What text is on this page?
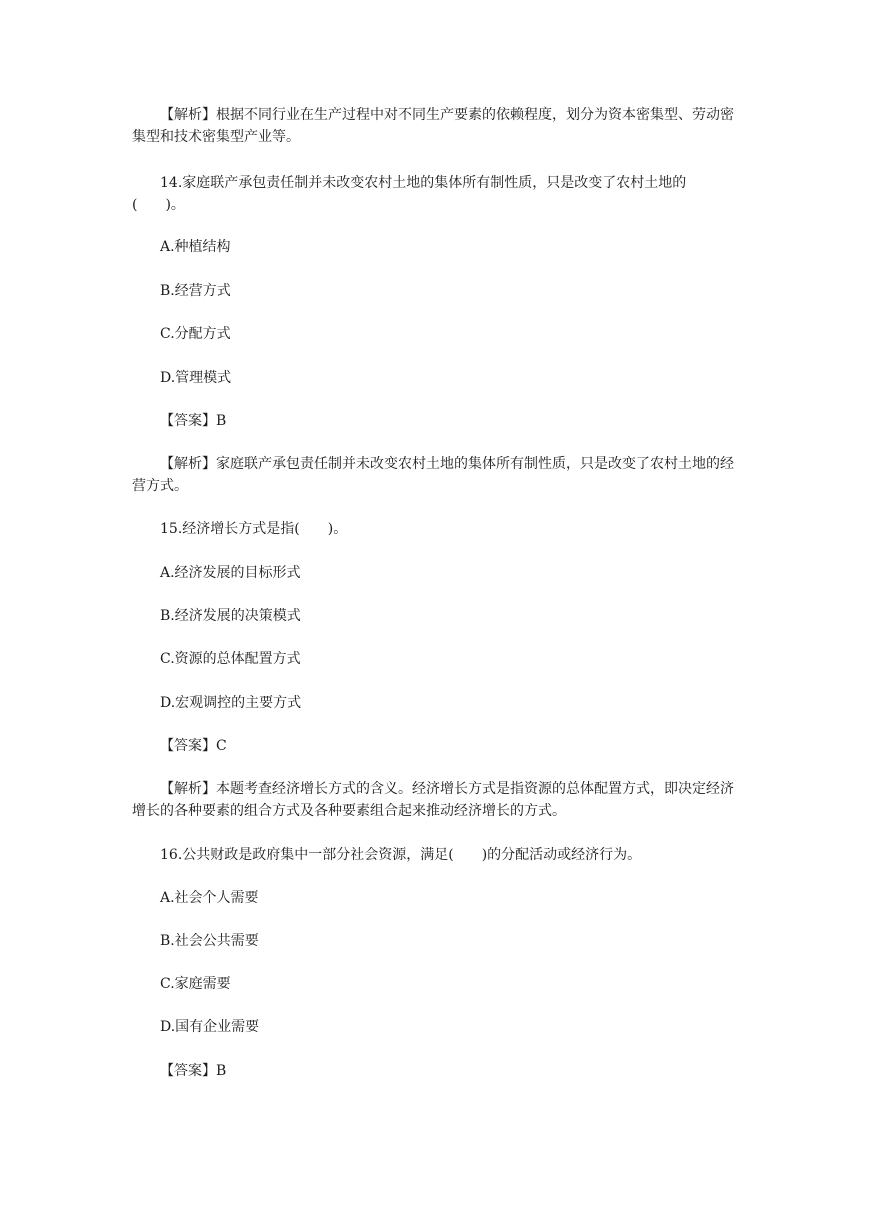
【解析】根据不同行业在生产过程中对不同生产要素的依赖程度，划分为资本密集型、劳动密集型和技术密集型产业等。
14.家庭联产承包责任制并未改变农村土地的集体所有制性质，只是改变了农村土地的(　　)。
A.种植结构
B.经营方式
C.分配方式
D.管理模式
【答案】B
【解析】家庭联产承包责任制并未改变农村土地的集体所有制性质，只是改变了农村土地的经营方式。
15.经济增长方式是指(　　)。
A.经济发展的目标形式
B.经济发展的决策模式
C.资源的总体配置方式
D.宏观调控的主要方式
【答案】C
【解析】本题考查经济增长方式的含义。经济增长方式是指资源的总体配置方式，即决定经济增长的各种要素的组合方式及各种要素组合起来推动经济增长的方式。
16.公共财政是政府集中一部分社会资源，满足(　　)的分配活动或经济行为。
A.社会个人需要
B.社会公共需要
C.家庭需要
D.国有企业需要
【答案】B
